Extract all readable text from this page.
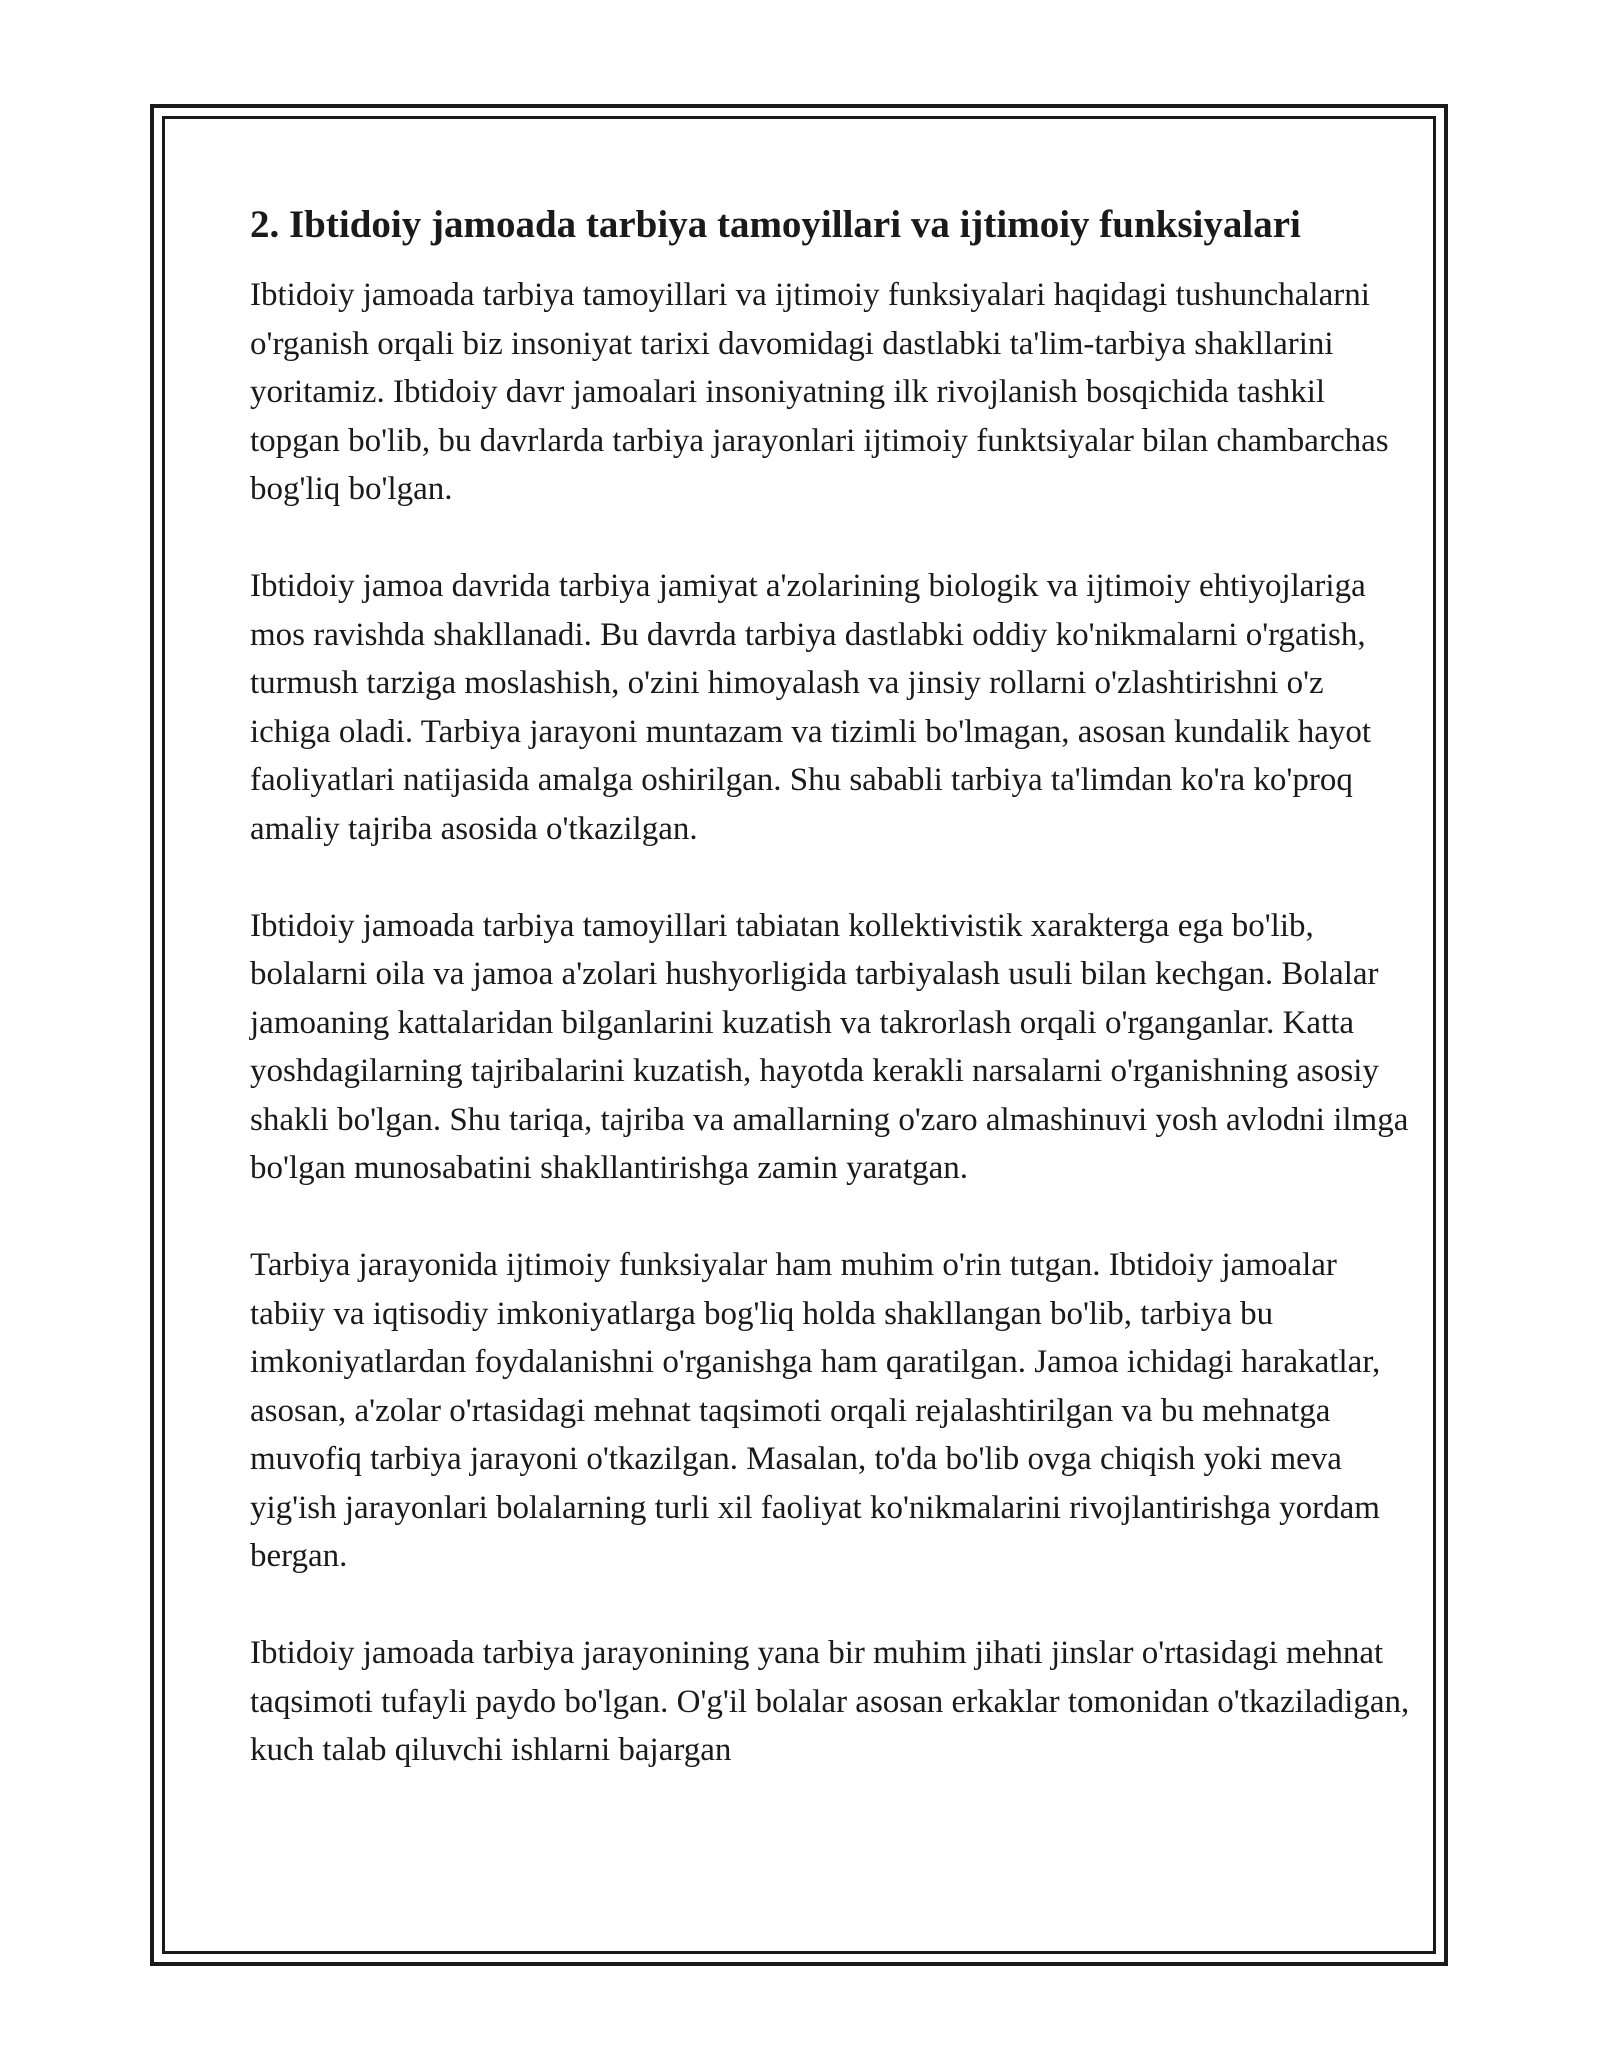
2. Ibtidoiy jamoada tarbiya tamoyillari va ijtimoiy funksiyalari

Ibtidoiy jamoada tarbiya tamoyillari va ijtimoiy funksiyalari haqidagi tushunchalarni o'rganish orqali biz insoniyat tarixi davomidagi dastlabki ta'lim-tarbiya shakllarini yoritamiz. Ibtidoiy davr jamoalari insoniyatning ilk rivojlanish bosqichida tashkil topgan bo'lib, bu davrlarda tarbiya jarayonlari ijtimoiy funktsiyalar bilan chambarchas bog'liq bo'lgan.

Ibtidoiy jamoa davrida tarbiya jamiyat a'zolarining biologik va ijtimoiy ehtiyojlariga mos ravishda shakllanadi. Bu davrda tarbiya dastlabki oddiy ko'nikmalarni o'rgatish, turmush tarziga moslashish, o'zini himoyalash va jinsiy rollarni o'zlashtirishni o'z ichiga oladi. Tarbiya jarayoni muntazam va tizimli bo'lmagan, asosan kundalik hayot faoliyatlari natijasida amalga oshirilgan. Shu sababli tarbiya ta'limdan ko'ra ko'proq amaliy tajriba asosida o'tkazilgan.

Ibtidoiy jamoada tarbiya tamoyillari tabiatan kollektivistik xarakterga ega bo'lib, bolalarni oila va jamoa a'zolari hushyorligida tarbiyalash usuli bilan kechgan. Bolalar jamoaning kattalaridan bilganlarini kuzatish va takrorlash orqali o'rganganlar. Katta yoshdagilarning tajribalarini kuzatish, hayotda kerakli narsalarni o'rganishning asosiy shakli bo'lgan. Shu tariqa, tajriba va amallarning o'zaro almashinuvi yosh avlodni ilmga bo'lgan munosabatini shakllantirishga zamin yaratgan.

Tarbiya jarayonida ijtimoiy funksiyalar ham muhim o'rin tutgan. Ibtidoiy jamoalar tabiiy va iqtisodiy imkoniyatlarga bog'liq holda shakllangan bo'lib, tarbiya bu imkoniyatlardan foydalanishni o'rganishga ham qaratilgan. Jamoa ichidagi harakatlar, asosan, a'zolar o'rtasidagi mehnat taqsimoti orqali rejalashtirilgan va bu mehnatga muvofiq tarbiya jarayoni o'tkazilgan. Masalan, to'da bo'lib ovga chiqish yoki meva yig'ish jarayonlari bolalarning turli xil faoliyat ko'nikmalarini rivojlantirishga yordam bergan.

Ibtidoiy jamoada tarbiya jarayonining yana bir muhim jihati jinslar o'rtasidagi mehnat taqsimoti tufayli paydo bo'lgan. O'g'il bolalar asosan erkaklar tomonidan o'tkaziladigan, kuch talab qiluvchi ishlarni bajargan
